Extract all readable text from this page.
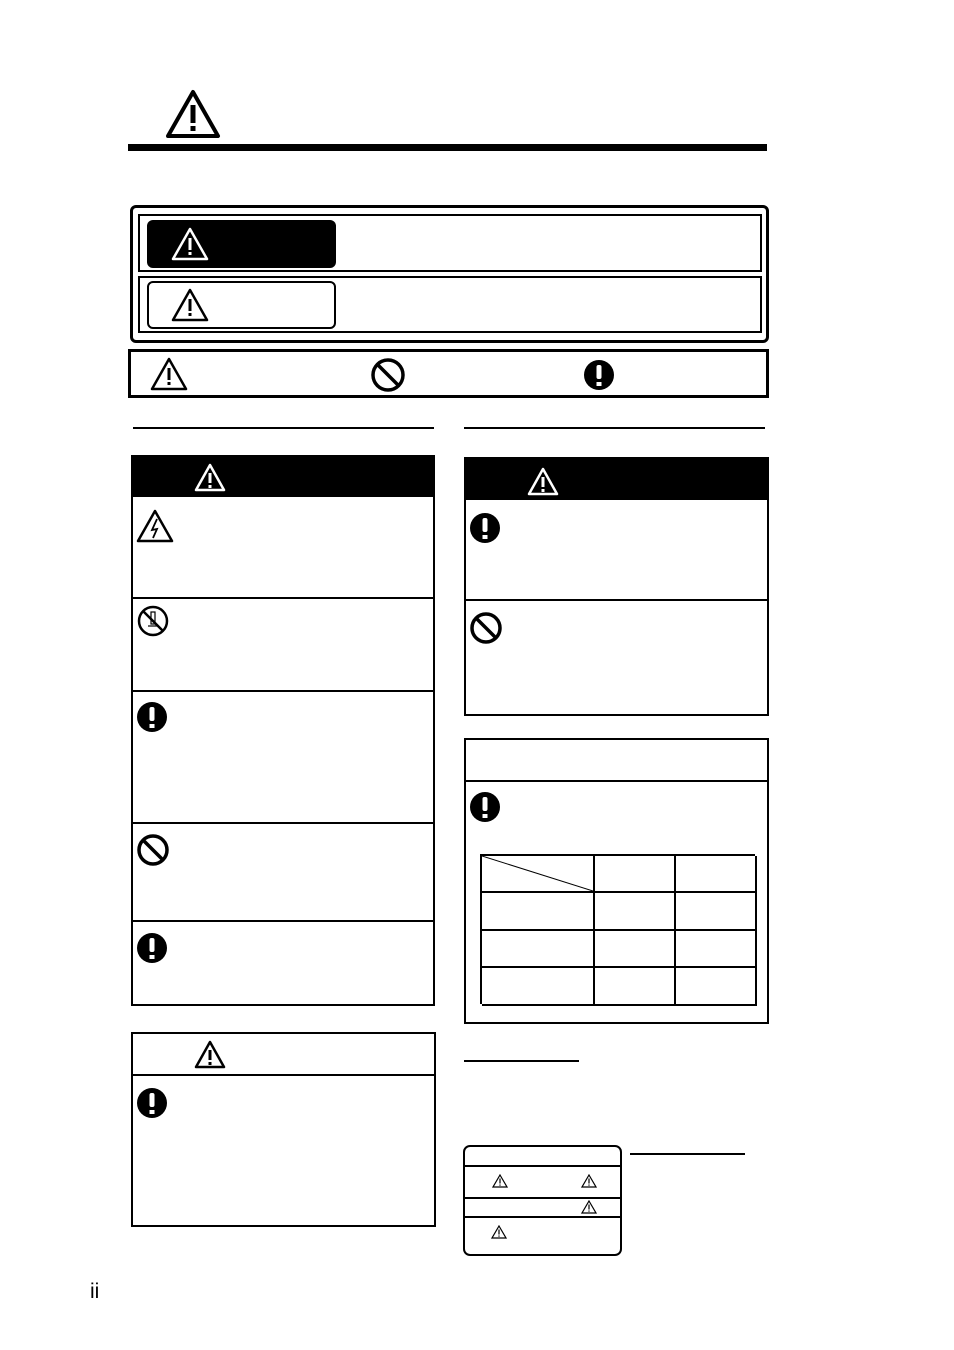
ii
